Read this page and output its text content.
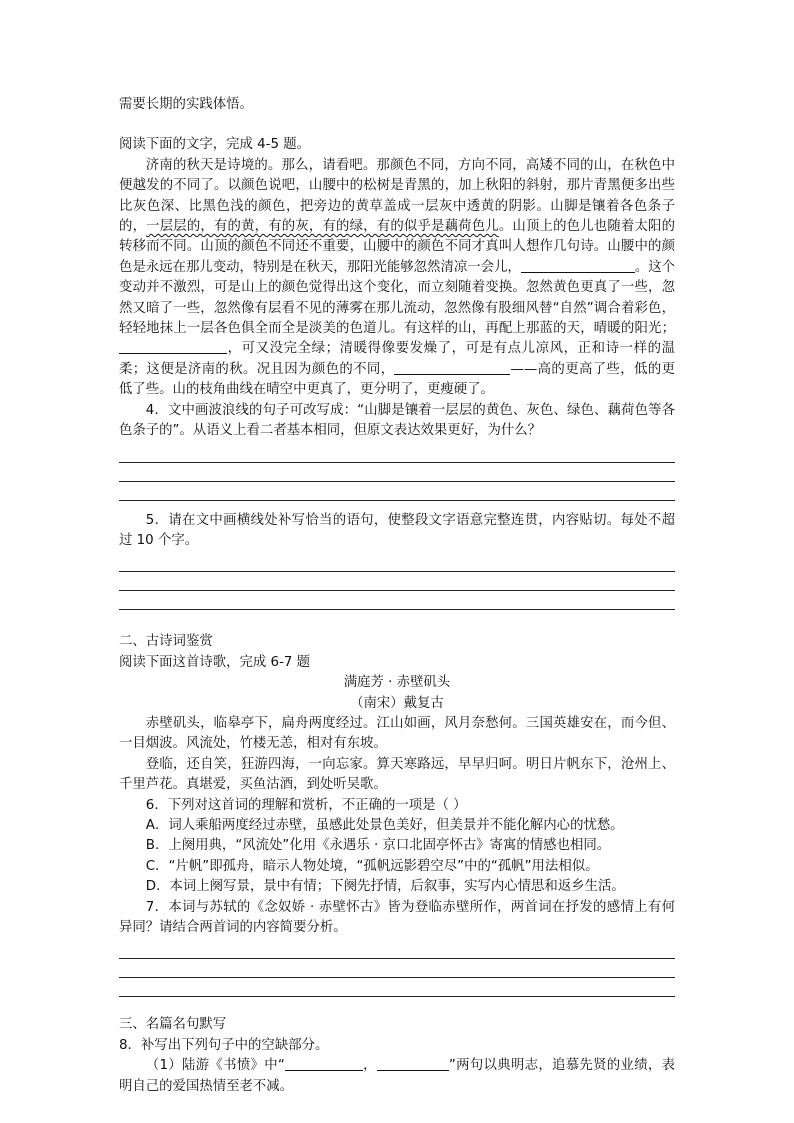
需要长期的实践体悟。

阅读下面的文字，完成 4-5 题。

济南的秋天是诗境的。那么，请看吧。那颜色不同，方向不同，高矮不同的山，在秋色中便越发的不同了。以颜色说吧，山腰中的松树是青黑的，加上秋阳的斜射，那片青黑便多出些比灰色深、比黑色浅的颜色，把旁边的黄草盖成一层灰中透黄的阴影。山脚是镶着各色条子的，一层层的，有的黄，有的灰，有的绿，有的似乎是藕荷色儿。山顶上的色儿也随着太阳的转移而不同。山顶的颜色不同还不重要，山腰中的颜色不同才真叫人想作几句诗。山腰中的颜色是永远在那儿变动，特别是在秋天，那阳光能够忽然清凉一会儿，	。这个变动并不激烈，可是山上的颜色觉得出这个变化，而立刻随着变换。忽然黄色更真了一些，忽然又暗了一些，忽然像有层看不见的薄雾在那儿流动，忽然像有股细风替“自然”调合着彩色，轻轻地抹上一层各色俱全而全是淡美的色道儿。有这样的山，再配上那蓝的天，晴暖的阳光；，可又没完全绿；清暖得像要发燥了，可是有点儿凉风，正和诗一样的温柔；这便是济南的秋。况且因为颜色的不同，	——高的更高了些，低的更低了些。山的枝角曲线在晴空中更真了，更分明了，更瘦硬了。

4．文中画波浪线的句子可改写成：“山脚是镶着一层层的黄色、灰色、绿色、藕荷色等各色条子的”。从语义上看二者基本相同，但原文表达效果更好，为什么？

5．请在文中画横线处补写恰当的语句，使整段文字语意完整连贯，内容贴切。每处不超过 10 个字。

二、古诗词鉴赏

阅读下面这首诗歌，完成 6-7 题

满庭芳 · 赤壁矶头

（南宋）戴复古

赤壁矶头，临皋亭下，扁舟两度经过。江山如画，风月奈愁何。三国英雄安在，而今但、一目烟波。风流处，竹楼无恙，相对有东坡。

登临，还自笑，狂游四海，一向忘家。算天寒路远，早早归呵。明日片帆东下，沧州上、千里芦花。真堪爱，买鱼沽酒，到处听吴歌。

6．下列对这首词的理解和赏析，不正确的一项是（ ）

A．词人乘船两度经过赤壁，虽感此处景色美好，但美景并不能化解内心的忧愁。

B．上阕用典，“风流处”化用《永遇乐 · 京口北固亭怀古》寄寓的情感也相同。

C．“片帆”即孤舟，暗示人物处境，“孤帆远影碧空尽”中的“孤帆”用法相似。

D．本词上阕写景，景中有情；下阕先抒情，后叙事，实写内心情思和返乡生活。

7．本词与苏轼的《念奴娇 · 赤壁怀古》皆为登临赤壁所作，两首词在抒发的感情上有何异同？请结合两首词的内容简要分析。

三、名篇名句默写

8．补写出下列句子中的空缺部分。

（1）陆游《书愤》中“	，	”两句以典明志，追慕先贤的业绩，表明自己的爱国热情至老不减。
